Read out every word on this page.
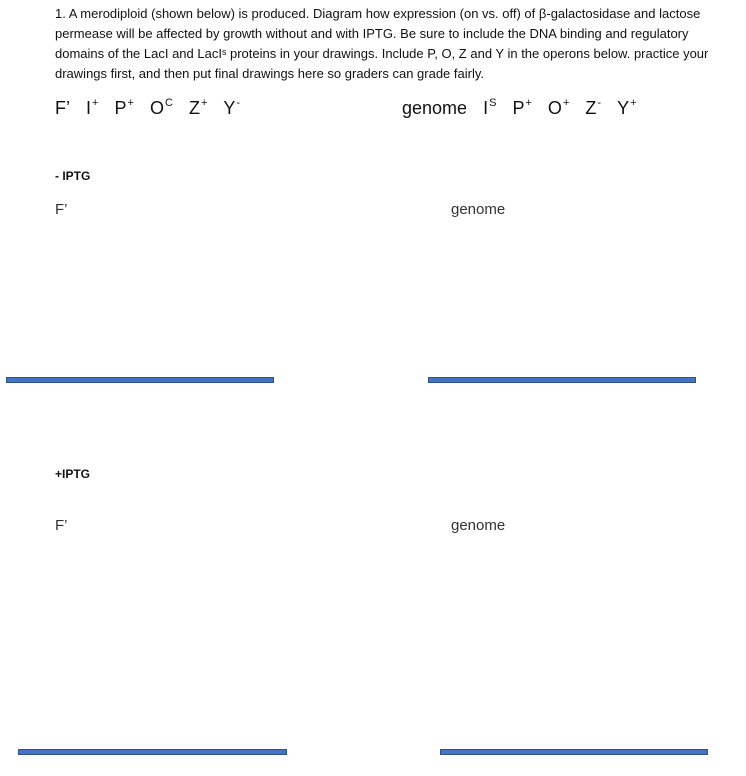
1. A merodiploid (shown below) is produced. Diagram how expression (on vs. off) of β-galactosidase and lactose permease will be affected by growth without and with IPTG. Be sure to include the DNA binding and regulatory domains of the LacI and LacIˢ proteins in your drawings. Include P, O, Z and Y in the operons below. practice your drawings first, and then put final drawings here so graders can grade fairly.

F’ I+ P+ $O^C$ Z+ Y-	genome $I^S$ P+ O+ Z- Y+
- IPTG
F’	genome
+IPTG
F’	genome
